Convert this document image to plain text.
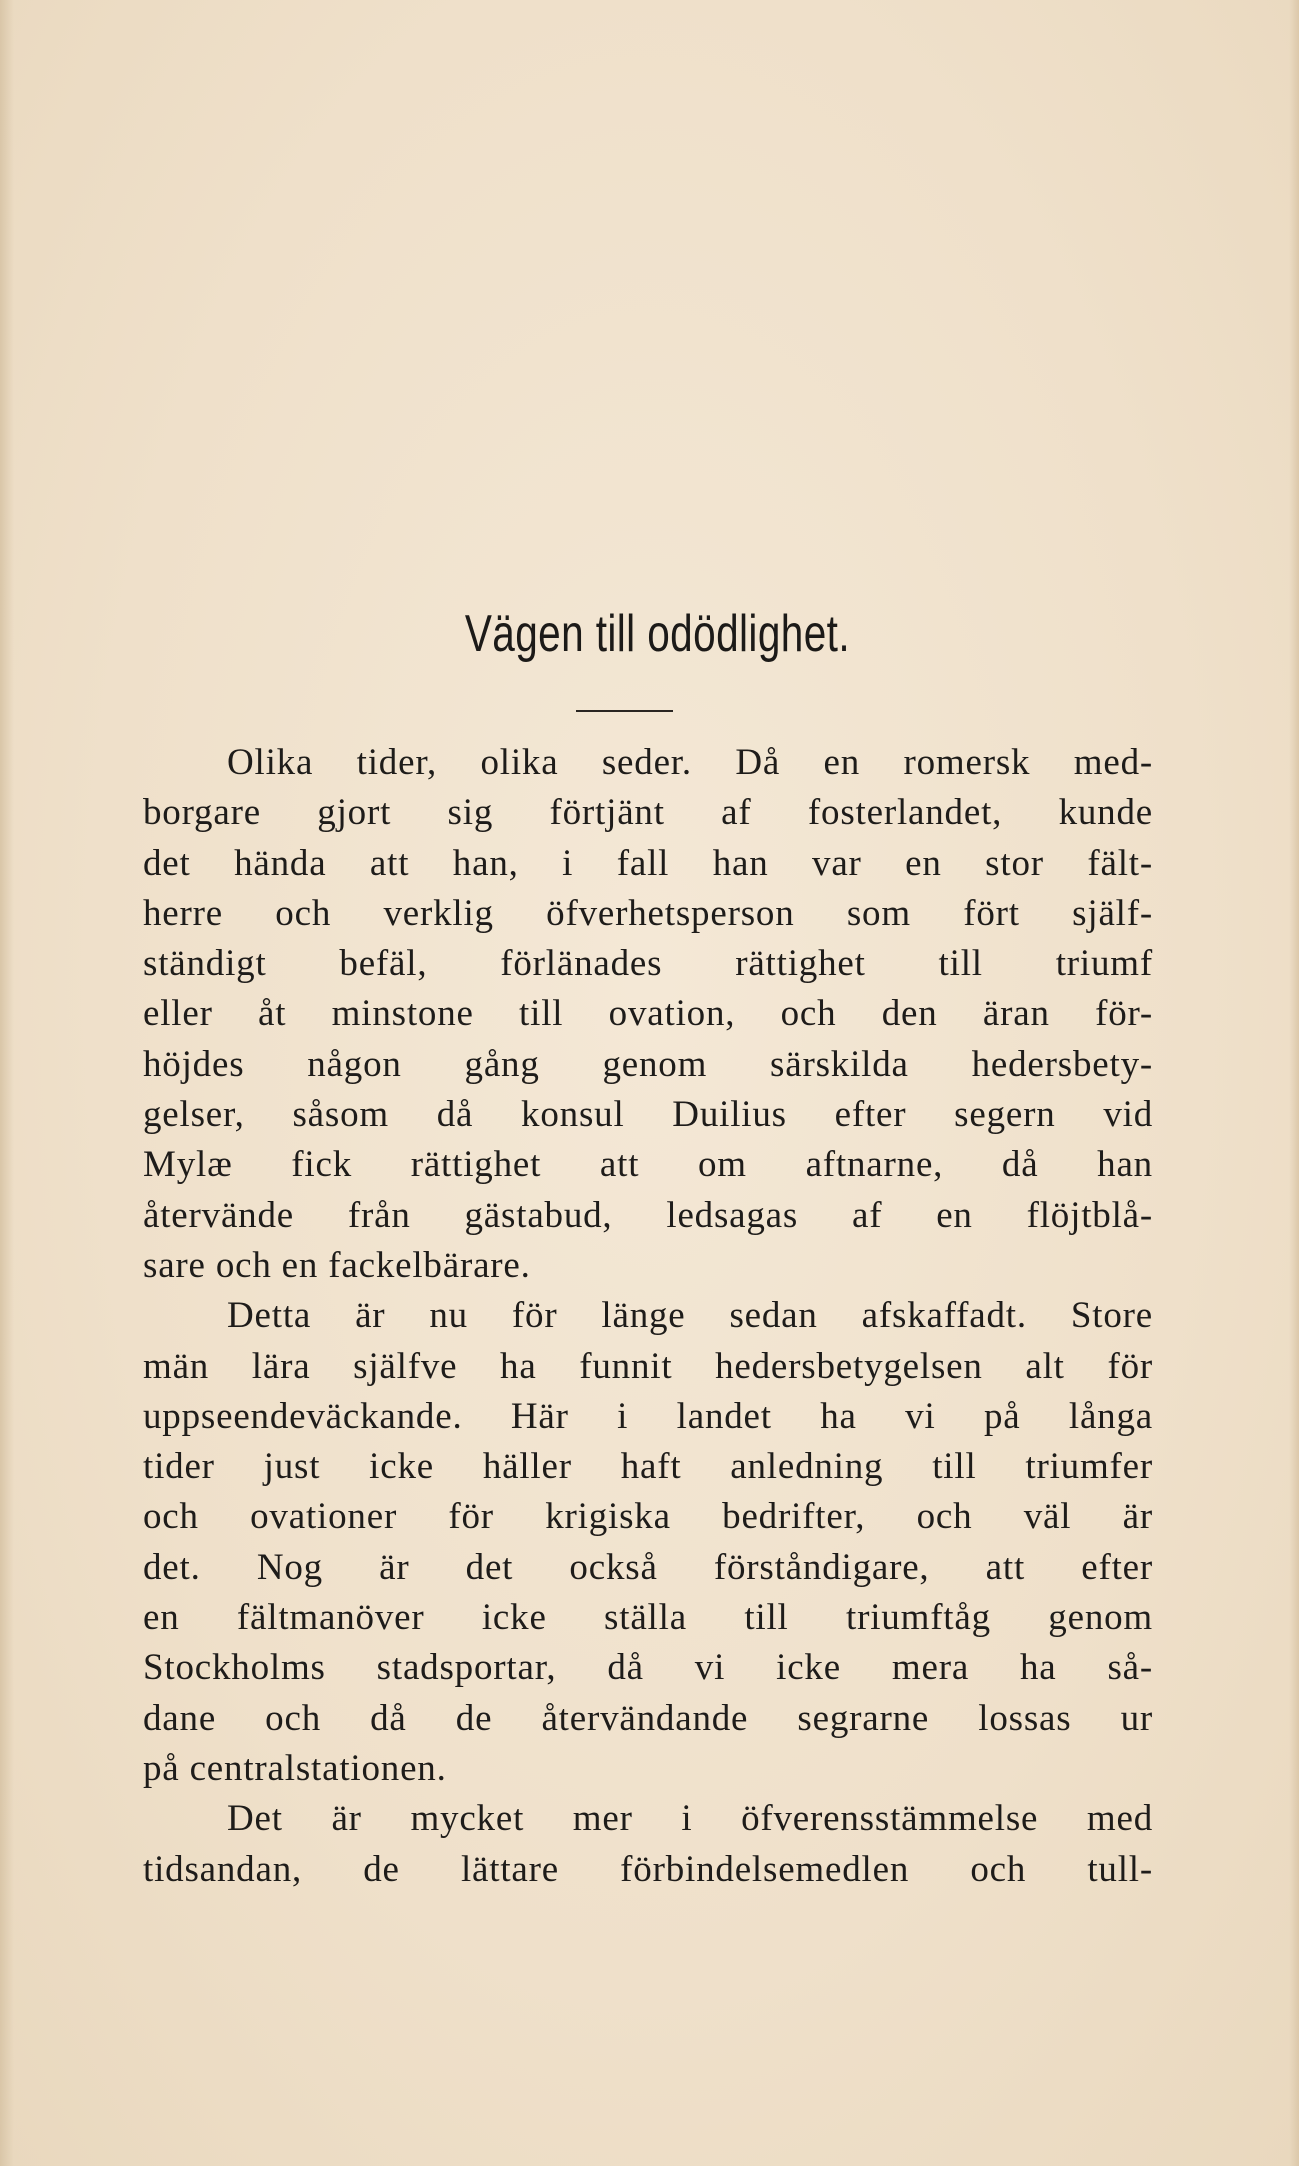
Vägen till odödlighet.
Olika tider, olika seder. Då en romersk med-
borgare gjort sig förtjänt af fosterlandet, kunde
det hända att han, i fall han var en stor fält-
herre och verklig öfverhetsperson som fört själf-
ständigt befäl, förlänades rättighet till triumf
eller åt minstone till ovation, och den äran för-
höjdes någon gång genom särskilda hedersbety-
gelser, såsom då konsul Duilius efter segern vid
Mylæ fick rättighet att om aftnarne, då han
återvände från gästabud, ledsagas af en flöjtblå-
sare och en fackelbärare.
Detta är nu för länge sedan afskaffadt. Store
män lära själfve ha funnit hedersbetygelsen alt för
uppseendeväckande. Här i landet ha vi på långa
tider just icke häller haft anledning till triumfer
och ovationer för krigiska bedrifter, och väl är
det. Nog är det också förståndigare, att efter
en fältmanöver icke ställa till triumftåg genom
Stockholms stadsportar, då vi icke mera ha så-
dane och då de återvändande segrarne lossas ur
på centralstationen.
Det är mycket mer i öfverensstämmelse med
tidsandan, de lättare förbindelsemedlen och tull-
